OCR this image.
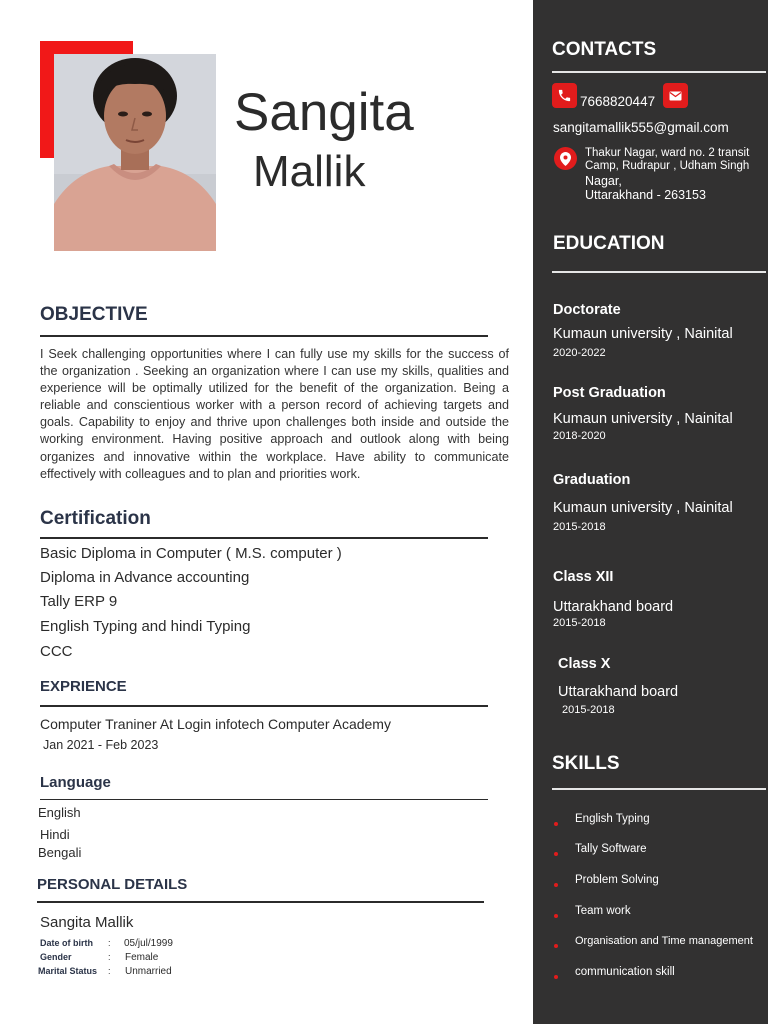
Sangita
Mallik
OBJECTIVE
I Seek challenging opportunities where I can fully use my skills for the success of the organization . Seeking an organization where I can use my skills, qualities and experience will be optimally utilized for the benefit of the organization. Being a reliable and conscientious worker with a person record of achieving targets and goals. Capability to enjoy and thrive upon challenges both inside and outside the working environment. Having positive approach and outlook along with being organizes and innovative within the workplace. Have ability to communicate effectively with colleagues and to plan and priorities work.
Certification
Basic Diploma in Computer ( M.S. computer )
Diploma in Advance accounting
Tally ERP 9
English Typing and hindi Typing
CCC
EXPRIENCE
Computer Traniner At Login infotech Computer Academy
Jan 2021 - Feb 2023
Language
English
Hindi
Bengali
PERSONAL DETAILS
Sangita Mallik
Date of birth : 05/jul/1999
Gender	: Female
Marital Status : Unmarried
CONTACTS
7668820447
sangitamallik555@gmail.com
Thakur Nagar, ward no. 2 transit
Camp, Rudrapur , Udham Singh
Nagar,
Uttarakhand - 263153
EDUCATION
Doctorate
Kumaun university , Nainital
2020-2022
Post Graduation
Kumaun university , Nainital
2018-2020
Graduation
Kumaun university , Nainital
2015-2018
Class XII
Uttarakhand board
2015-2018
Class X
Uttarakhand board
2015-2018
SKILLS
English Typing
Tally Software
Problem Solving
Team work
Organisation and Time management
communication skill
